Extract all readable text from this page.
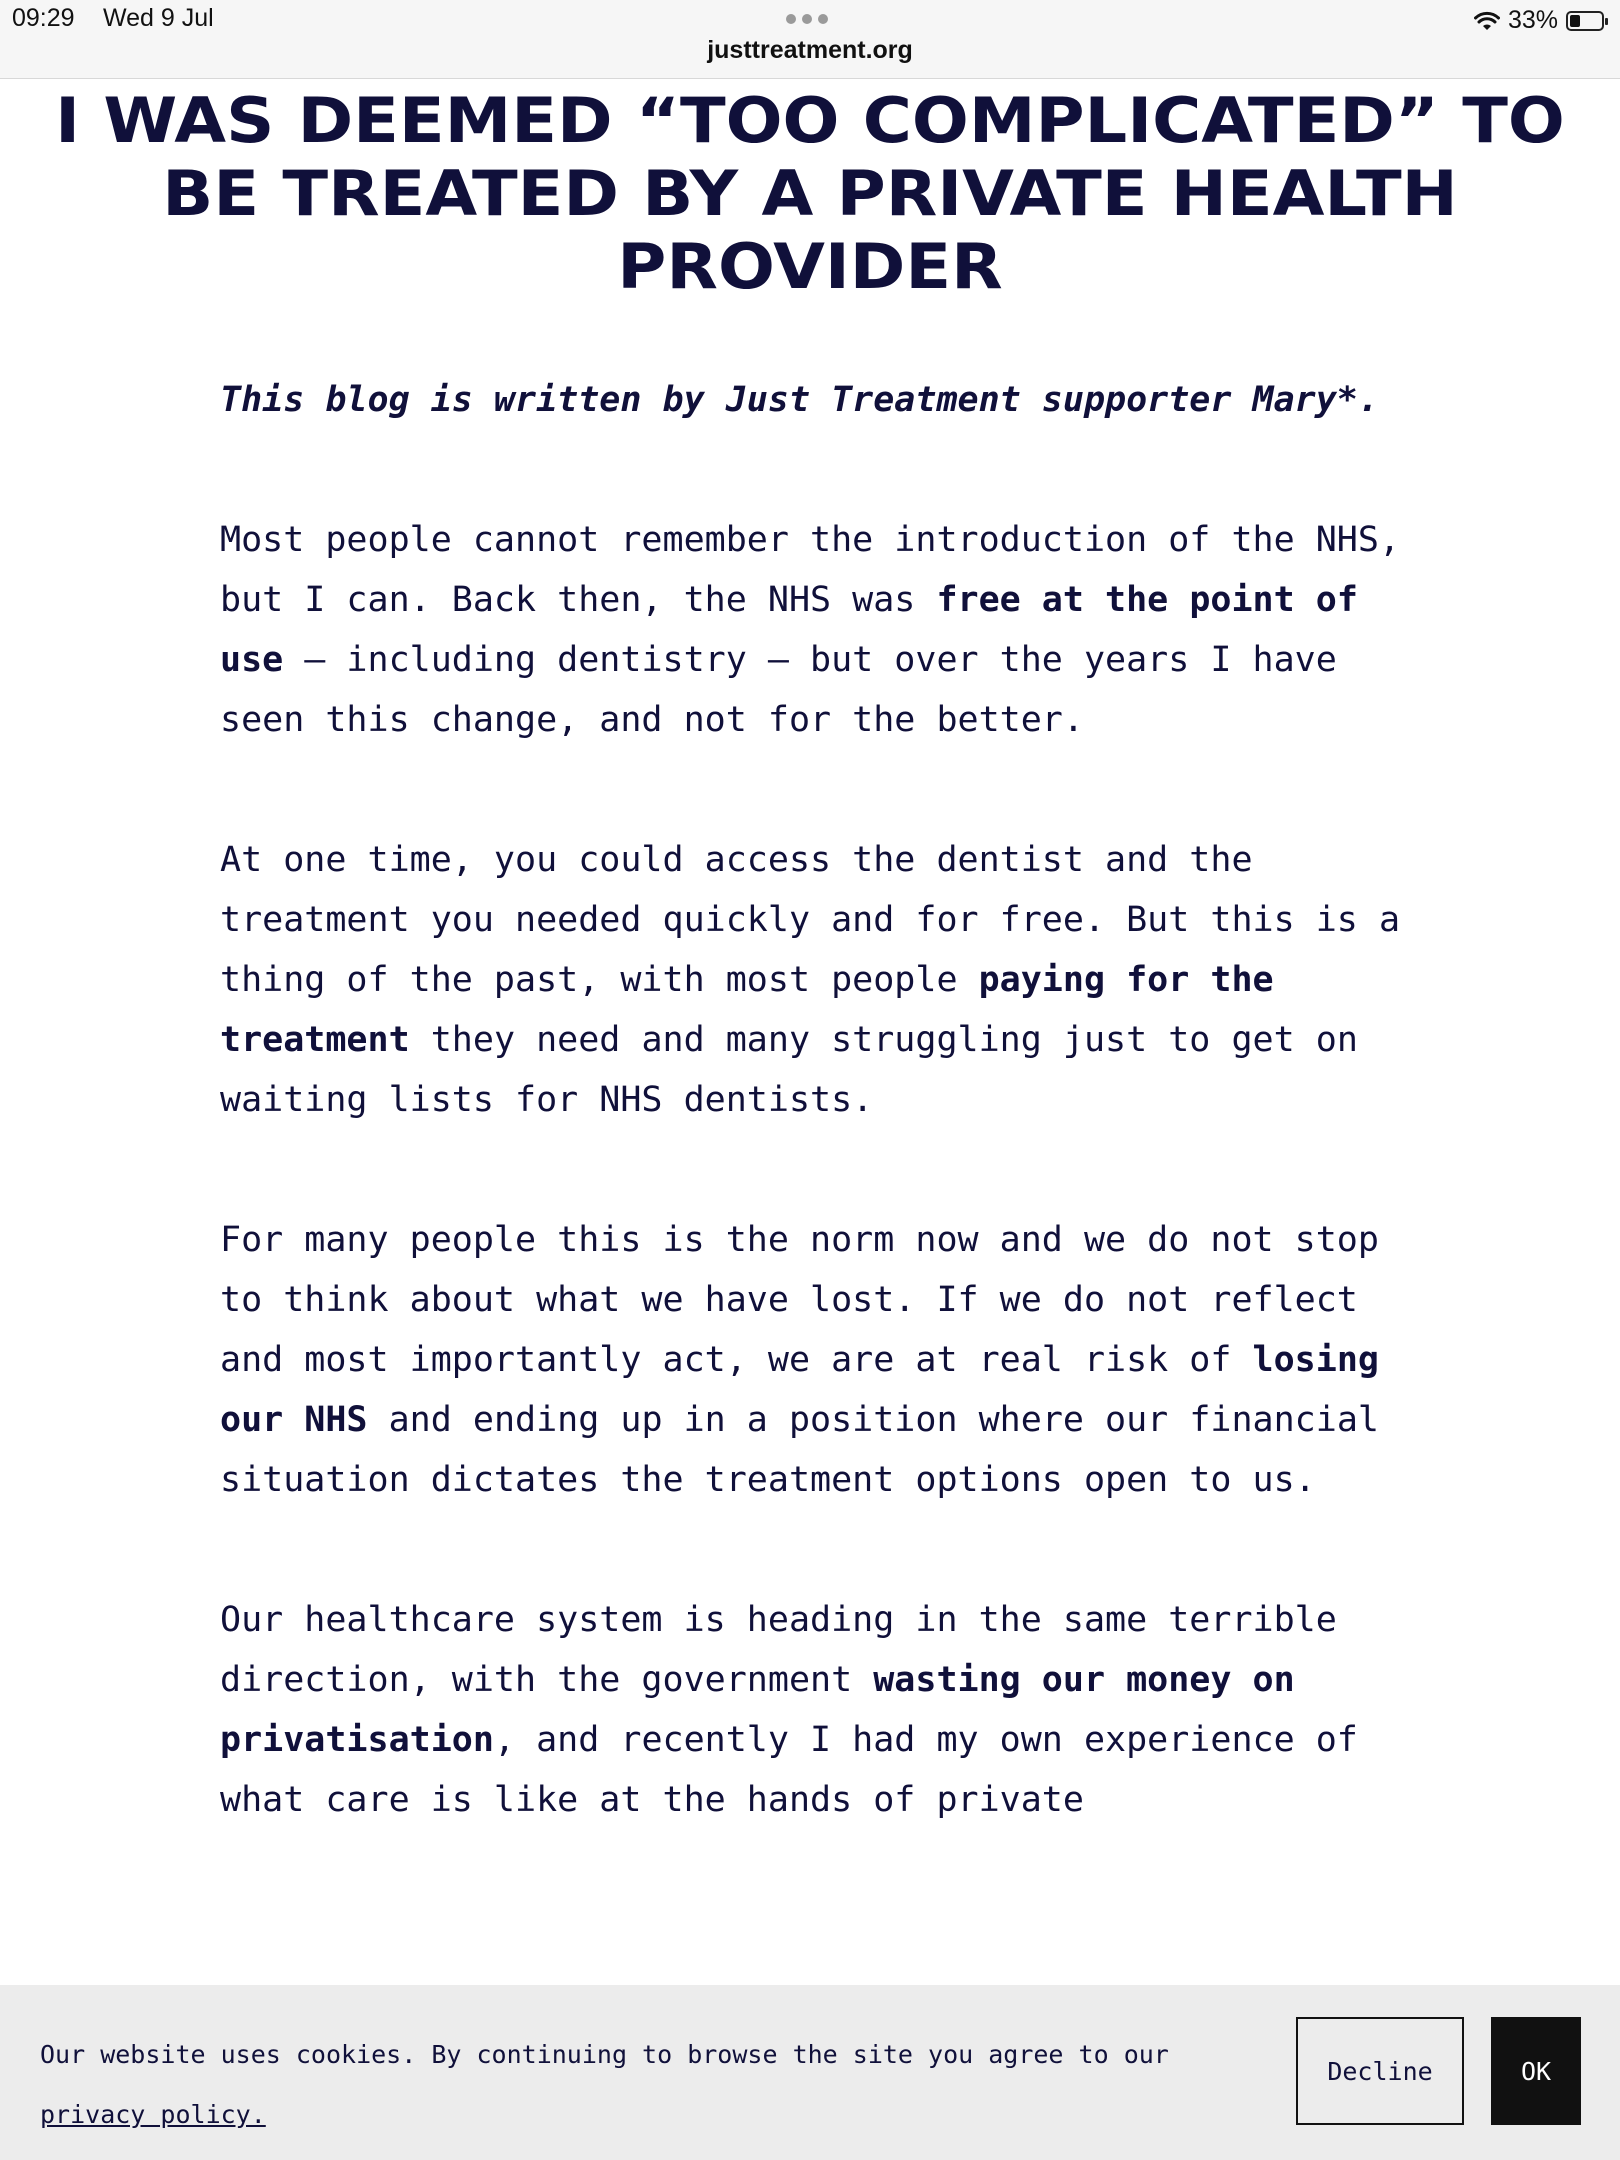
09:29 Wed 9 Jul
justtreatment.org
33%
I WAS DEEMED “TOO COMPLICATED” TO BE TREATED BY A PRIVATE HEALTH PROVIDER

This blog is written by Just Treatment supporter Mary*.

Most people cannot remember the introduction of the NHS, but I can. Back then, the NHS was free at the point of use – including dentistry – but over the years I have seen this change, and not for the better.

At one time, you could access the dentist and the treatment you needed quickly and for free. But this is a thing of the past, with most people paying for the treatment they need and many struggling just to get on waiting lists for NHS dentists.

For many people this is the norm now and we do not stop to think about what we have lost. If we do not reflect and most importantly act, we are at real risk of losing our NHS and ending up in a position where our financial situation dictates the treatment options open to us.

Our healthcare system is heading in the same terrible direction, with the government wasting our money on privatisation, and recently I had my own experience of what care is like at the hands of private

Our website uses cookies. By continuing to browse the site you agree to our
privacy policy.
Decline	OK
